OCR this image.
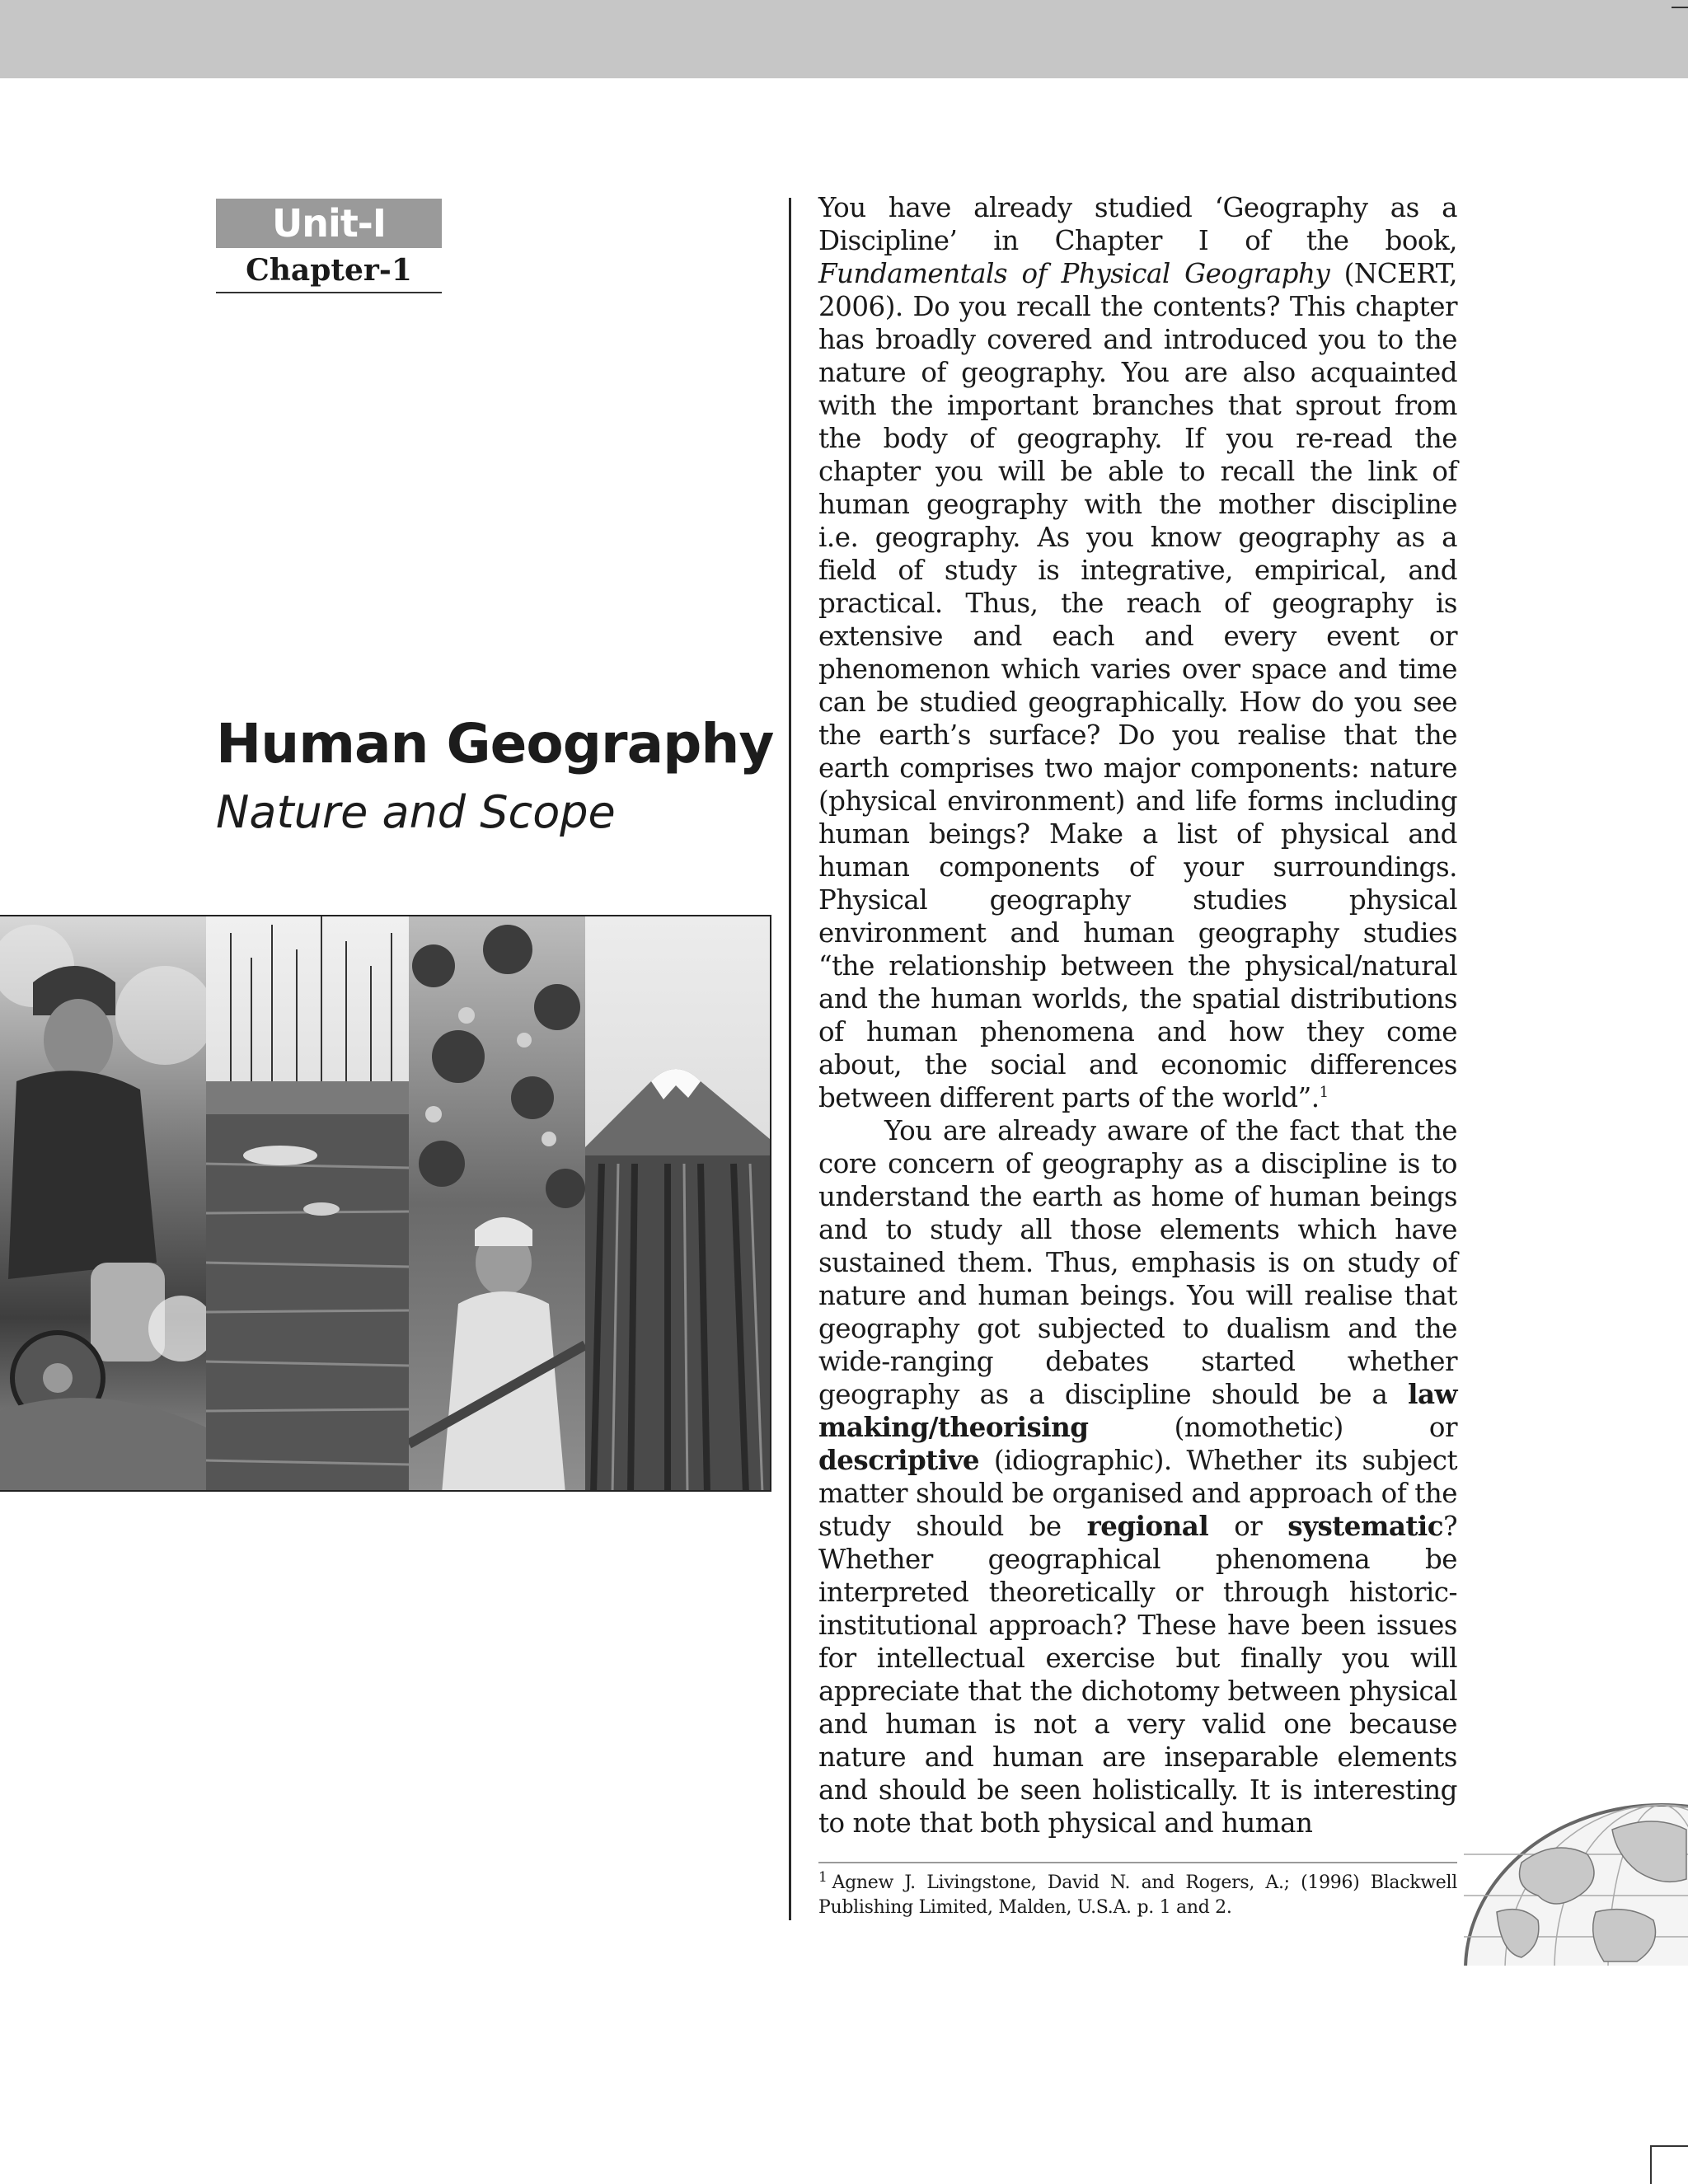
Unit-I
Chapter-1
Human Geography
Nature and Scope

You have already studied ‘Geography as a Discipline’ in Chapter I of the book, Fundamentals of Physical Geography (NCERT, 2006). Do you recall the contents? This chapter has broadly covered and introduced you to the nature of geography. You are also acquainted with the important branches that sprout from the body of geography. If you re-read the chapter you will be able to recall the link of human geography with the mother discipline i.e. geography. As you know geography as a field of study is integrative, empirical, and practical. Thus, the reach of geography is extensive and each and every event or phenomenon which varies over space and time can be studied geographically. How do you see the earth’s surface? Do you realise that the earth comprises two major components: nature (physical environment) and life forms including human beings? Make a list of physical and human components of your surroundings. Physical geography studies physical environment and human geography studies “the relationship between the physical/natural and the human worlds, the spatial distributions of human phenomena and how they come about, the social and economic differences between different parts of the world”.$^1$

You are already aware of the fact that the core concern of geography as a discipline is to understand the earth as home of human beings and to study all those elements which have sustained them. Thus, emphasis is on study of nature and human beings. You will realise that geography got subjected to dualism and the wide-ranging debates started whether geography as a discipline should be a law making/theorising (nomothetic) or descriptive (idiographic). Whether its subject matter should be organised and approach of the study should be regional or systematic? Whether geographical phenomena be interpreted theoretically or through historic-institutional approach? These have been issues for intellectual exercise but finally you will appreciate that the dichotomy between physical and human is not a very valid one because nature and human are inseparable elements and should be seen holistically. It is interesting to note that both physical and human

$^1$ Agnew J. Livingstone, David N. and Rogers, A.; (1996) Blackwell Publishing Limited, Malden, U.S.A. p. 1 and 2.
